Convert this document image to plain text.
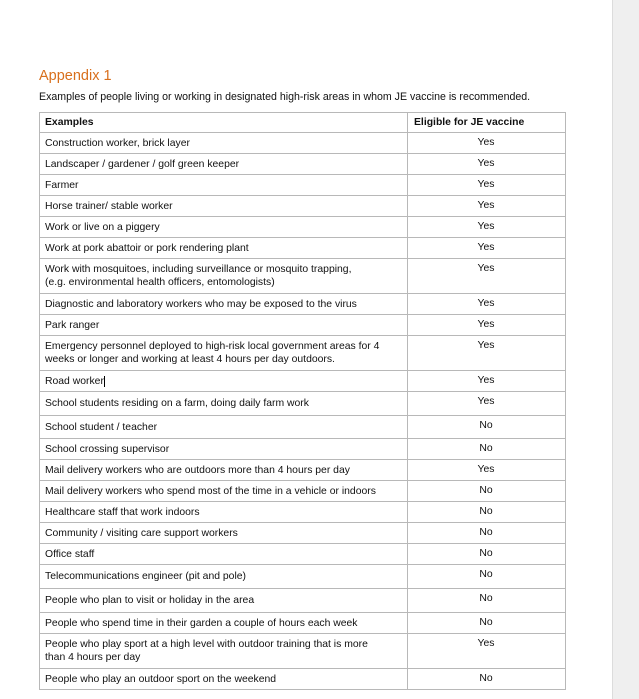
Appendix 1
Examples of people living or working in designated high-risk areas in whom JE vaccine is recommended.
Examples	Eligible for JE vaccine
Construction worker, brick layer	Yes
Landscaper / gardener / golf green keeper	Yes
Farmer	Yes
Horse trainer/ stable worker	Yes
Work or live on a piggery	Yes
Work at pork abattoir or pork rendering plant	Yes
Work with mosquitoes, including surveillance or mosquito trapping,
(e.g. environmental health officers, entomologists)	Yes
Diagnostic and laboratory workers who may be exposed to the virus	Yes
Park ranger	Yes
Emergency personnel deployed to high-risk local government areas for 4
weeks or longer and working at least 4 hours per day outdoors.	Yes
Road worker	Yes
School students residing on a farm, doing daily farm work	Yes
School student / teacher	No
School crossing supervisor	No
Mail delivery workers who are outdoors more than 4 hours per day	Yes
Mail delivery workers who spend most of the time in a vehicle or indoors	No
Healthcare staff that work indoors	No
Community / visiting care support workers	No
Office staff	No
Telecommunications engineer (pit and pole)	No
People who plan to visit or holiday in the area	No
People who spend time in their garden a couple of hours each week	No
People who play sport at a high level with outdoor training that is more
than 4 hours per day	Yes
People who play an outdoor sport on the weekend	No
